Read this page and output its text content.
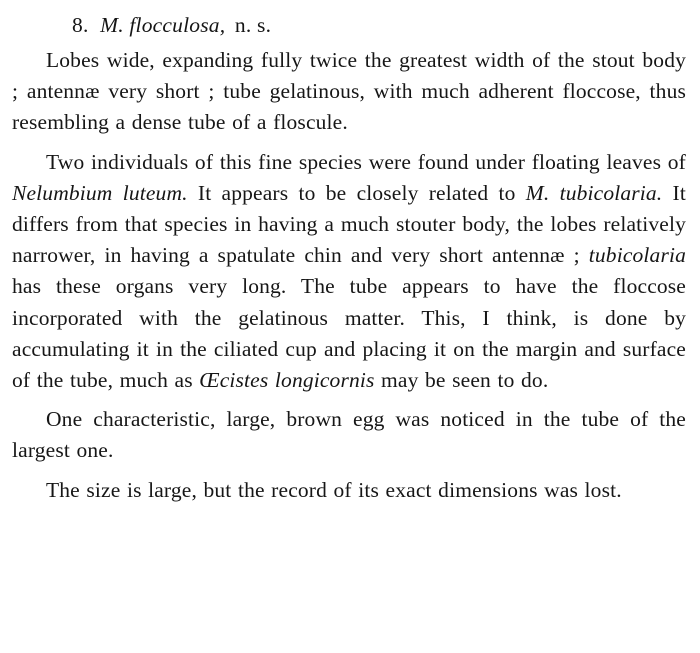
8. M. flocculosa, n. s.

Lobes wide, expanding fully twice the greatest width of the stout body ; antennæ very short ; tube gelatinous, with much adherent floccose, thus resembling a dense tube of a floscule.

Two individuals of this fine species were found under floating leaves of Nelumbium luteum. It appears to be closely related to M. tubicolaria. It differs from that species in having a much stouter body, the lobes relatively narrower, in having a spatulate chin and very short antennæ ; tubicolaria has these organs very long. The tube appears to have the floccose incorporated with the gelatinous matter. This, I think, is done by accumulating it in the ciliated cup and placing it on the margin and surface of the tube, much as Œcistes longicornis may be seen to do.

One characteristic, large, brown egg was noticed in the tube of the largest one.

The size is large, but the record of its exact dimensions was lost.
